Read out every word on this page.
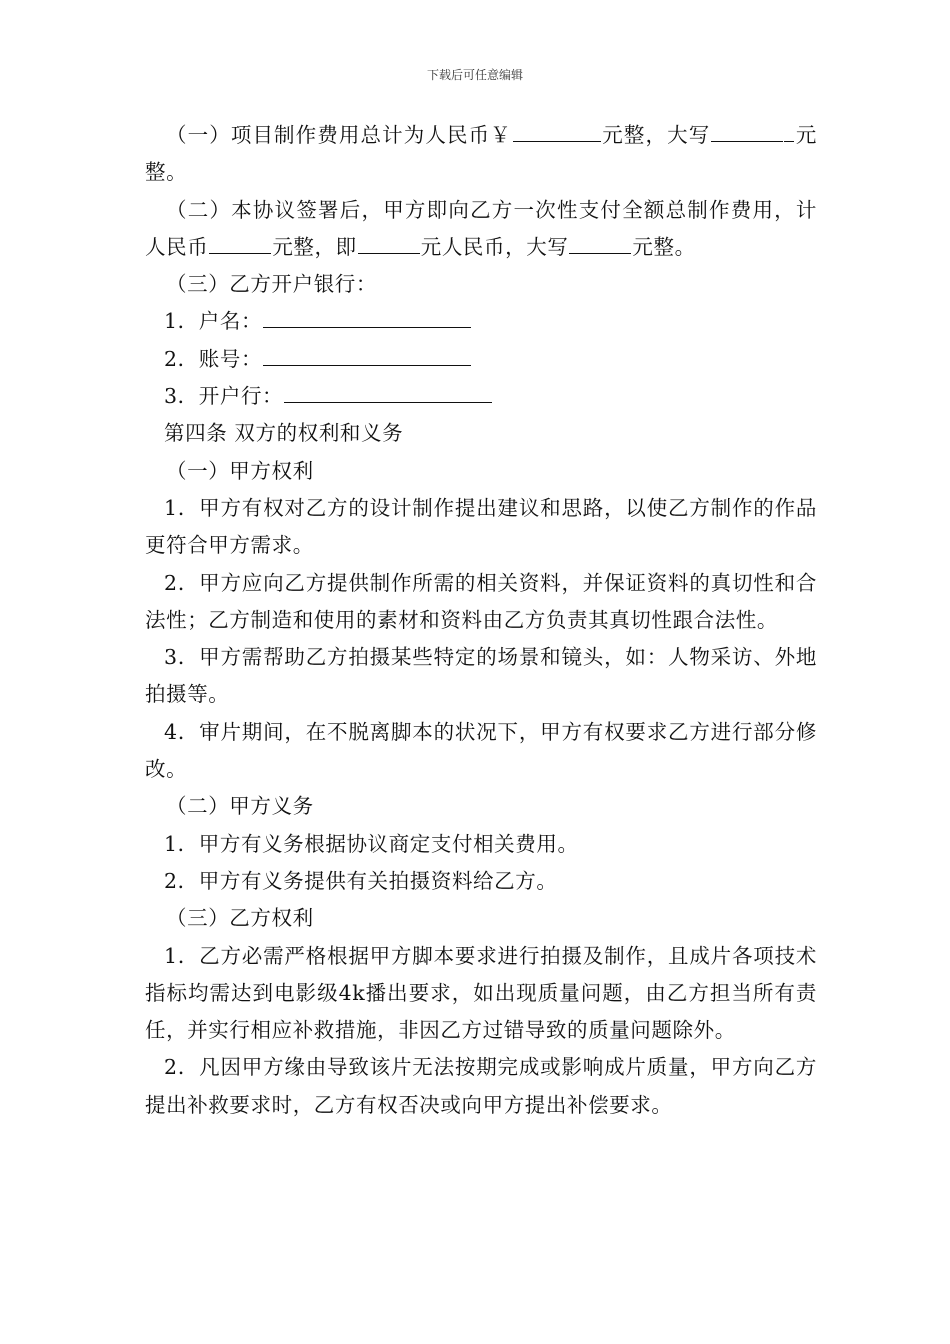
下载后可任意编辑

（一）项目制作费用总计为人民币￥	元整，大写	元整。

（二）本协议签署后，甲方即向乙方一次性支付全额总制作费用，计人民币	元整，即	元人民币，大写	元整。

（三）乙方开户银行：

1．户名：

2．账号：

3．开户行：

第四条 双方的权利和义务

（一）甲方权利

1．甲方有权对乙方的设计制作提出建议和思路，以使乙方制作的作品更符合甲方需求。

2．甲方应向乙方提供制作所需的相关资料，并保证资料的真切性和合法性；乙方制造和使用的素材和资料由乙方负责其真切性跟合法性。

3．甲方需帮助乙方拍摄某些特定的场景和镜头，如：人物采访、外地拍摄等。

4．审片期间，在不脱离脚本的状况下，甲方有权要求乙方进行部分修改。

（二）甲方义务

1．甲方有义务根据协议商定支付相关费用。

2．甲方有义务提供有关拍摄资料给乙方。

（三）乙方权利

1．乙方必需严格根据甲方脚本要求进行拍摄及制作，且成片各项技术指标均需达到电影级4k播出要求，如出现质量问题，由乙方担当所有责任，并实行相应补救措施，非因乙方过错导致的质量问题除外。

2．凡因甲方缘由导致该片无法按期完成或影响成片质量，甲方向乙方提出补救要求时，乙方有权否决或向甲方提出补偿要求。
